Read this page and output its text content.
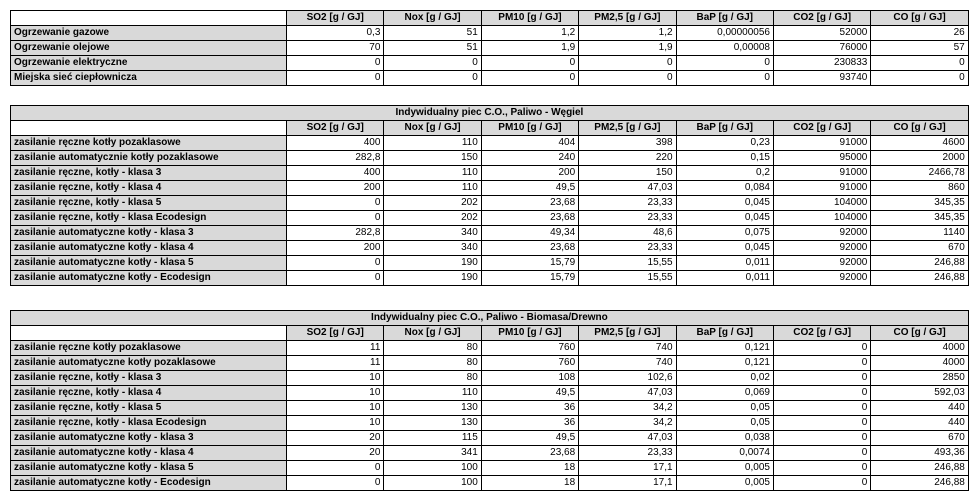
	SO2 [g / GJ]	Nox [g / GJ]	PM10 [g / GJ]	PM2,5 [g / GJ]	BaP [g / GJ]	CO2 [g / GJ]	CO [g / GJ]
Ogrzewanie gazowe	0,3	51	1,2	1,2	0,00000056	52000	26
Ogrzewanie olejowe	70	51	1,9	1,9	0,00008	76000	57
Ogrzewanie elektryczne	0	0	0	0	0	230833	0
Miejska sieć ciepłownicza	0	0	0	0	0	93740	0
Indywidualny piec C.O., Paliwo - Węgiel							
	SO2 [g / GJ]	Nox [g / GJ]	PM10 [g / GJ]	PM2,5 [g / GJ]	BaP [g / GJ]	CO2 [g / GJ]	CO [g / GJ]
zasilanie ręczne kotły pozaklasowe	400	110	404	398	0,23	91000	4600
zasilanie automatycznie kotły pozaklasowe	282,8	150	240	220	0,15	95000	2000
zasilanie ręczne, kotły - klasa 3	400	110	200	150	0,2	91000	2466,78
zasilanie ręczne, kotły - klasa 4	200	110	49,5	47,03	0,084	91000	860
zasilanie ręczne, kotły - klasa 5	0	202	23,68	23,33	0,045	104000	345,35
zasilanie ręczne, kotły - klasa Ecodesign	0	202	23,68	23,33	0,045	104000	345,35
zasilanie automatyczne kotły - klasa 3	282,8	340	49,34	48,6	0,075	92000	1140
zasilanie automatyczne kotły - klasa 4	200	340	23,68	23,33	0,045	92000	670
zasilanie automatyczne kotły - klasa 5	0	190	15,79	15,55	0,011	92000	246,88
zasilanie automatyczne kotły - Ecodesign	0	190	15,79	15,55	0,011	92000	246,88
Indywidualny piec C.O., Paliwo - Biomasa/Drewno							
	SO2 [g / GJ]	Nox [g / GJ]	PM10 [g / GJ]	PM2,5 [g / GJ]	BaP [g / GJ]	CO2 [g / GJ]	CO [g / GJ]
zasilanie ręczne kotły pozaklasowe	11	80	760	740	0,121	0	4000
zasilanie automatyczne kotły pozaklasowe	11	80	760	740	0,121	0	4000
zasilanie ręczne, kotły - klasa 3	10	80	108	102,6	0,02	0	2850
zasilanie ręczne, kotły - klasa 4	10	110	49,5	47,03	0,069	0	592,03
zasilanie ręczne, kotły - klasa 5	10	130	36	34,2	0,05	0	440
zasilanie ręczne, kotły - klasa Ecodesign	10	130	36	34,2	0,05	0	440
zasilanie automatyczne kotły - klasa 3	20	115	49,5	47,03	0,038	0	670
zasilanie automatyczne kotły - klasa 4	20	341	23,68	23,33	0,0074	0	493,36
zasilanie automatyczne kotły - klasa 5	0	100	18	17,1	0,005	0	246,88
zasilanie automatyczne kotły - Ecodesign	0	100	18	17,1	0,005	0	246,88
